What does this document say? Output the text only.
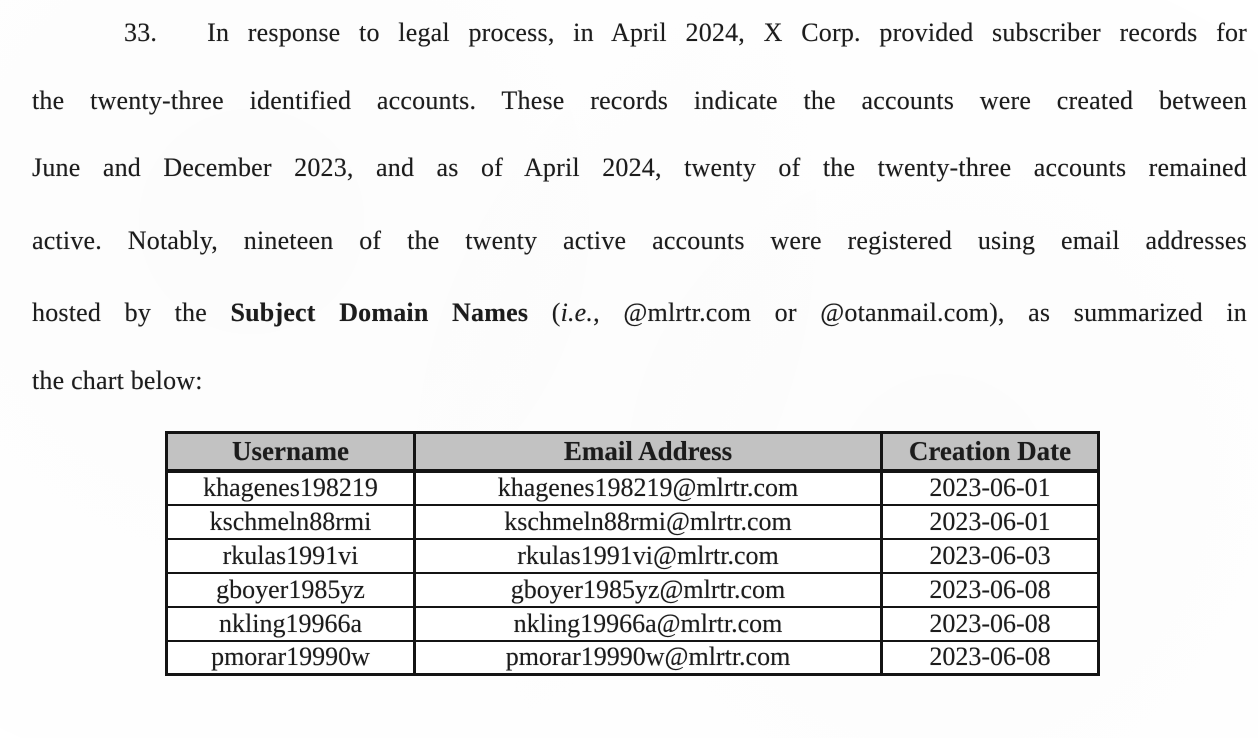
33. In response to legal process, in April 2024, X Corp. provided subscriber records for
the twenty-three identified accounts. These records indicate the accounts were created between
June and December 2023, and as of April 2024, twenty of the twenty-three accounts remained
active. Notably, nineteen of the twenty active accounts were registered using email addresses
hosted by the Subject Domain Names (i.e., @mlrtr.com or @otanmail.com), as summarized in
the chart below:
Username	Email Address	Creation Date
khagenes198219	khagenes198219@mlrtr.com	2023-06-01
kschmeln88rmi	kschmeln88rmi@mlrtr.com	2023-06-01
rkulas1991vi	rkulas1991vi@mlrtr.com	2023-06-03
gboyer1985yz	gboyer1985yz@mlrtr.com	2023-06-08
nkling19966a	nkling19966a@mlrtr.com	2023-06-08
pmorar19990w	pmorar19990w@mlrtr.com	2023-06-08
